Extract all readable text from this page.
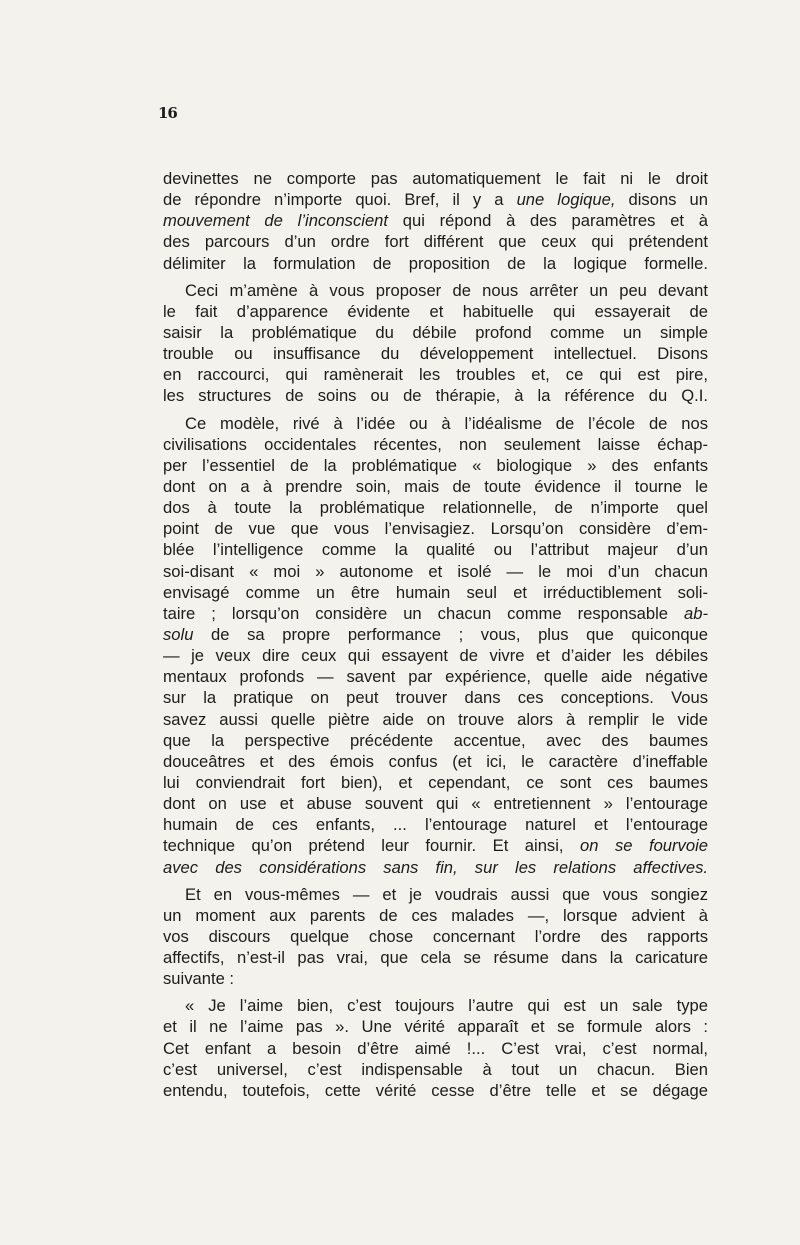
16
devinettes ne comporte pas automatiquement le fait ni le droit
de répondre n’importe quoi. Bref, il y a une logique, disons un
mouvement de l’inconscient qui répond à des paramètres et à
des parcours d’un ordre fort différent que ceux qui prétendent
délimiter la formulation de proposition de la logique formelle.
Ceci m’amène à vous proposer de nous arrêter un peu devant
le fait d’apparence évidente et habituelle qui essayerait de
saisir la problématique du débile profond comme un simple
trouble ou insuffisance du développement intellectuel. Disons
en raccourci, qui ramènerait les troubles et, ce qui est pire,
les structures de soins ou de thérapie, à la référence du Q.I.
Ce modèle, rivé à l’idée ou à l’idéalisme de l’école de nos
civilisations occidentales récentes, non seulement laisse échap-
per l’essentiel de la problématique « biologique » des enfants
dont on a à prendre soin, mais de toute évidence il tourne le
dos à toute la problématique relationnelle, de n’importe quel
point de vue que vous l’envisagiez. Lorsqu’on considère d’em-
blée l’intelligence comme la qualité ou l’attribut majeur d’un
soi-disant « moi » autonome et isolé — le moi d’un chacun
envisagé comme un être humain seul et irréductiblement soli-
taire ; lorsqu’on considère un chacun comme responsable ab-
solu de sa propre performance ; vous, plus que quiconque
— je veux dire ceux qui essayent de vivre et d’aider les débiles
mentaux profonds — savent par expérience, quelle aide négative
sur la pratique on peut trouver dans ces conceptions. Vous
savez aussi quelle piètre aide on trouve alors à remplir le vide
que la perspective précédente accentue, avec des baumes
douceâtres et des émois confus (et ici, le caractère d’ineffable
lui conviendrait fort bien), et cependant, ce sont ces baumes
dont on use et abuse souvent qui « entretiennent » l’entourage
humain de ces enfants, ... l’entourage naturel et l’entourage
technique qu’on prétend leur fournir. Et ainsi, on se fourvoie
avec des considérations sans fin, sur les relations affectives.
Et en vous-mêmes — et je voudrais aussi que vous songiez
un moment aux parents de ces malades —, lorsque advient à
vos discours quelque chose concernant l’ordre des rapports
affectifs, n’est-il pas vrai, que cela se résume dans la caricature
suivante :
« Je l’aime bien, c’est toujours l’autre qui est un sale type
et il ne l’aime pas ». Une vérité apparaît et se formule alors :
Cet enfant a besoin d’être aimé !... C’est vrai, c’est normal,
c’est universel, c’est indispensable à tout un chacun. Bien
entendu, toutefois, cette vérité cesse d’être telle et se dégage
